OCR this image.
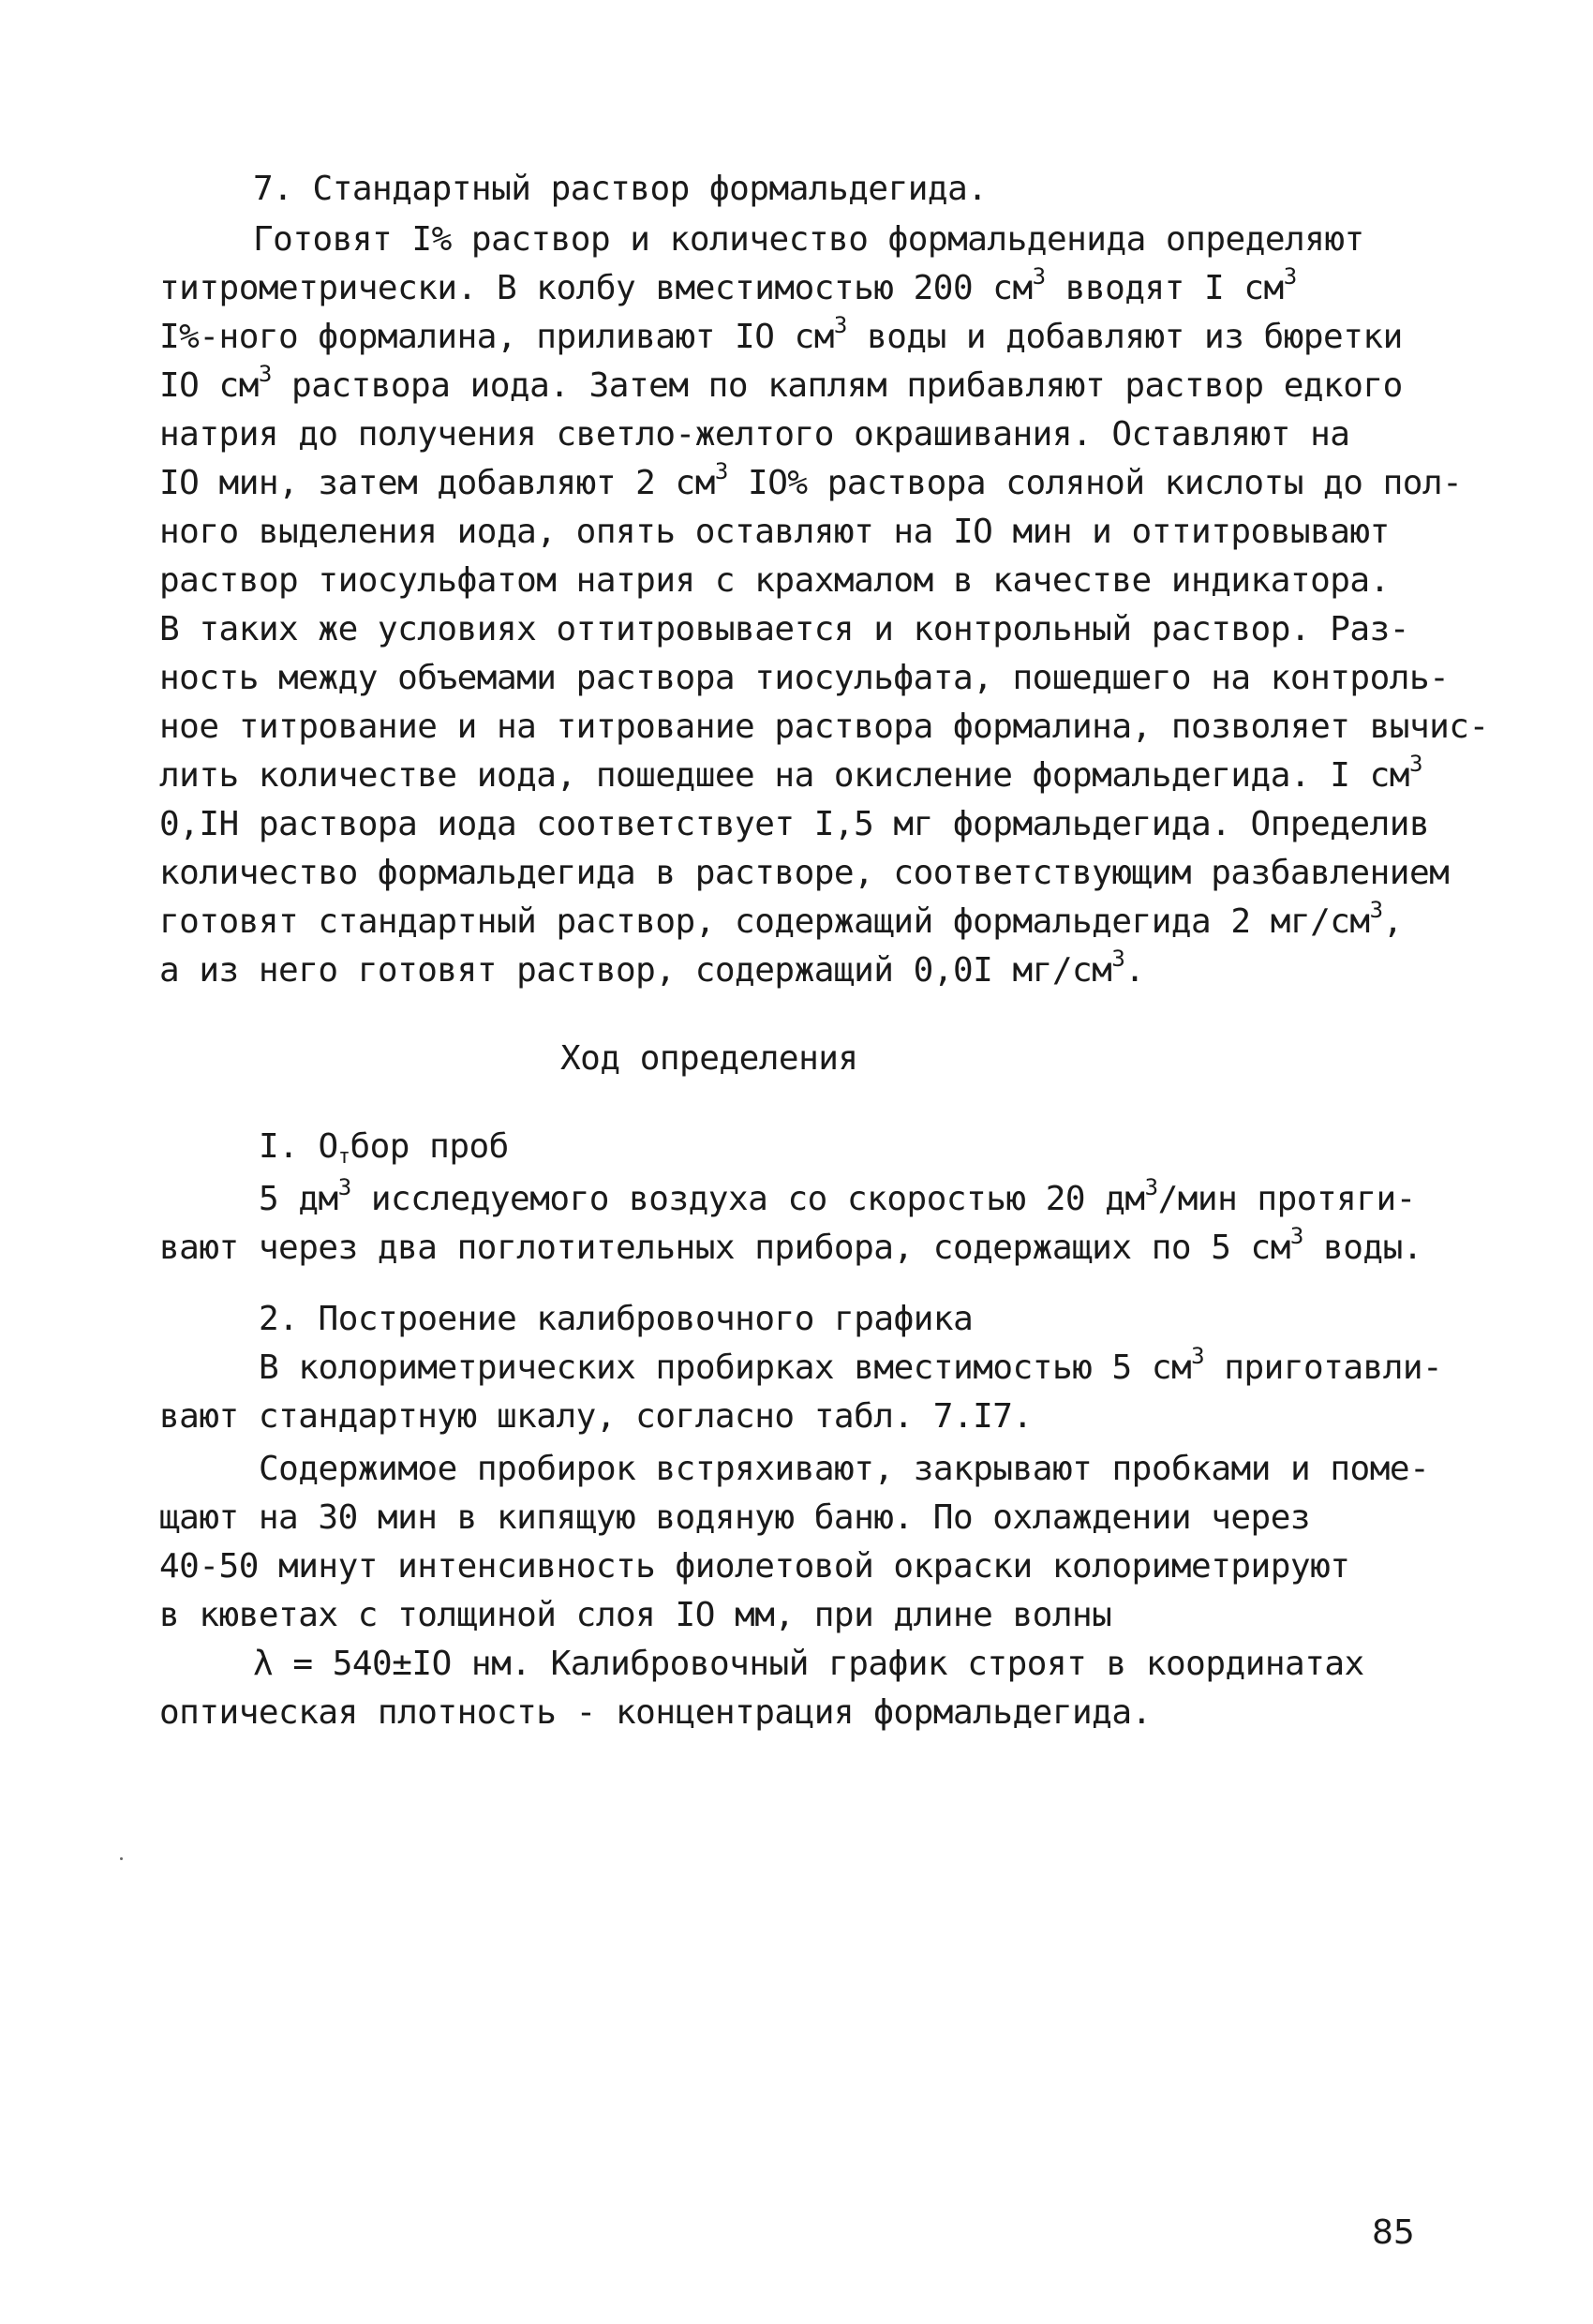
7. Стандартный раствор формальдегида.
Готовят I% раствор и количество формальденида определяют
титрометрически. В колбу вместимостью 200 $см^3$ вводят I $см^3$
I%-ного формалина, приливают IO $см^3$ воды и добавляют из бюретки
IO $см^3$ раствора иода. Затем по каплям прибавляют раствор едкого
натрия до получения светло-желтого окрашивания. Оставляют на
IO мин, затем добавляют 2 $см^3$ IO% раствора соляной кислоты до пол-
ного выделения иода, опять оставляют на IO мин и оттитровывают
раствор тиосульфатом натрия с крахмалом в качестве индикатора.
В таких же условиях оттитровывается и контрольный раствор. Раз-
ность между объемами раствора тиосульфата, пошедшего на контроль-
ное титрование и на титрование раствора формалина, позволяет вычис-
лить количестве иода, пошедшее на окисление формальдегида. I $см^3$
0,IН раствора иода соответствует I,5 мг формальдегида. Определив
количество формальдегида в растворе, соответствующим разбавлением
готовят стандартный раствор, содержащий формальдегида 2 $мг/см^3$,
а из него готовят раствор, содержащий 0,0I $мг/см^3$.
Ход определения
I. $О_тбор$ проб
5 $дм^3$ исследуемого воздуха со скоростью 20 $дм^3$/мин протяги-
вают через два поглотительных прибора, содержащих по 5 $см^3$ воды.
2. Построение калибровочного графика
В колориметрических пробирках вместимостью 5 $см^3$ приготавли-
вают стандартную шкалу, согласно табл. 7.I7.
Содержимое пробирок встряхивают, закрывают пробками и поме-
щают на 30 мин в кипящую водяную баню. По охлаждении через
40-50 минут интенсивность фиолетовой окраски колориметрируют
в кюветах с толщиной слоя IO мм, при длине волны
λ = 540±IO нм. Калибровочный график строят в координатах
оптическая плотность - концентрация формальдегида.
85
